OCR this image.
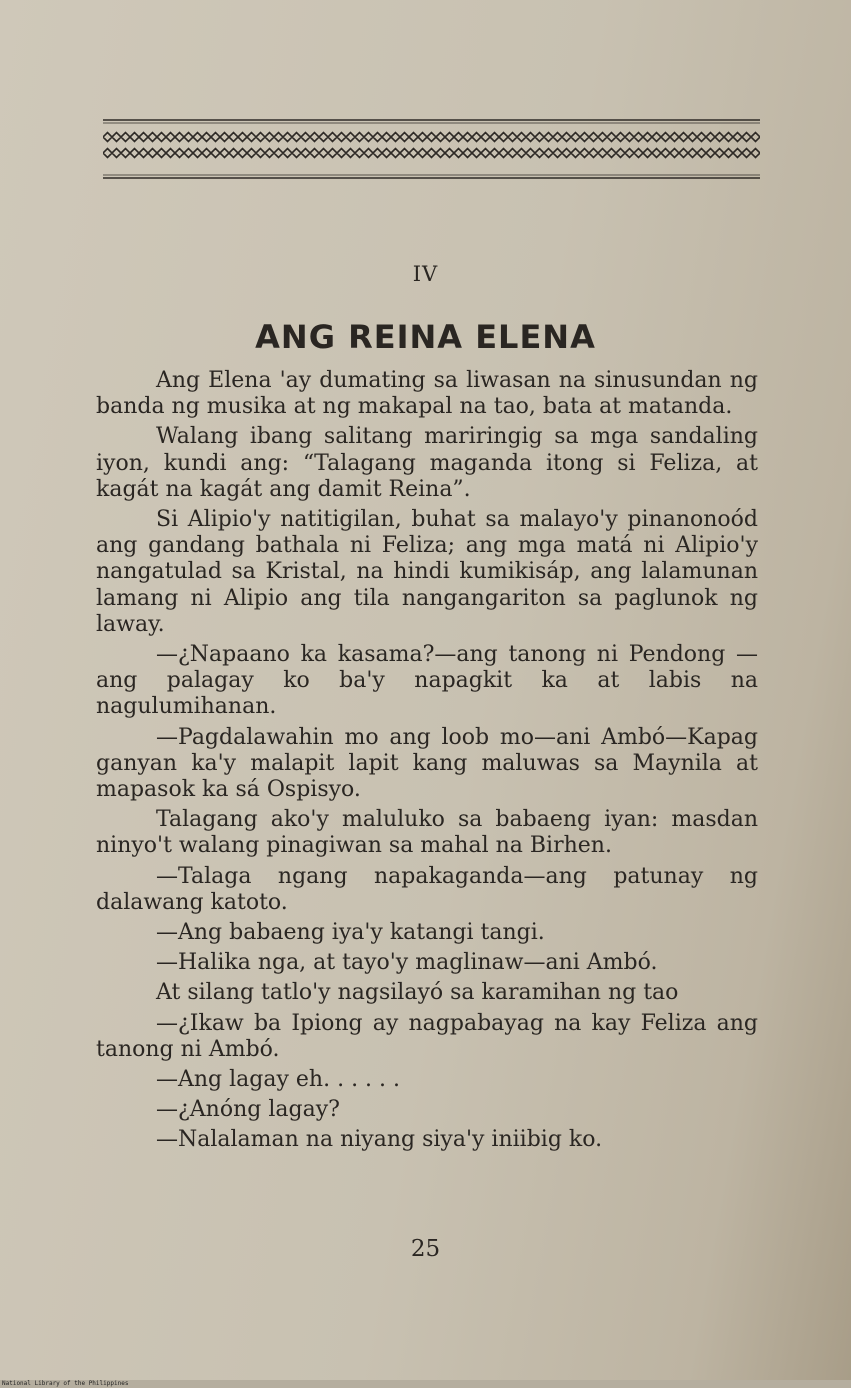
IV
ANG REINA ELENA

Ang Elena 'ay dumating sa liwasan na sinusundan ng banda ng musika at ng makapal na tao, bata at matanda.

Walang ibang salitang mariringig sa mga sandaling iyon, kundi ang: “Talagang maganda itong si Feliza, at kagát na kagát ang damit Reina”.

Si Alipio'y natitigilan, buhat sa malayo'y pinanonoód ang gandang bathala ni Feliza; ang mga matá ni Alipio'y nangatulad sa Kristal, na hindi kumikisáp, ang lalamunan lamang ni Alipio ang tila nangangariton sa paglunok ng laway.

—¿Napaano ka kasama?—ang tanong ni Pendong —ang palagay ko ba'y napagkit ka at labis na nagulumihanan.

—Pagdalawahin mo ang loob mo—ani Ambó—Kapag ganyan ka'y malapit lapit kang maluwas sa Maynila at mapasok ka sá Ospisyo.

Talagang ako'y maluluko sa babaeng iyan: masdan ninyo't walang pinagiwan sa mahal na Birhen.

—Talaga ngang napakaganda—ang patunay ng dalawang katoto.

—Ang babaeng iya'y katangi tangi.

—Halika nga, at tayo'y maglinaw—ani Ambó.

At silang tatlo'y nagsilayó sa karamihan ng tao

—¿Ikaw ba Ipiong ay nagpabayag na kay Feliza ang tanong ni Ambó.

—Ang lagay eh. . . . . .

—¿Anóng lagay?

—Nalalaman na niyang siya'y iniibig ko.

25
National Library of the Philippines
